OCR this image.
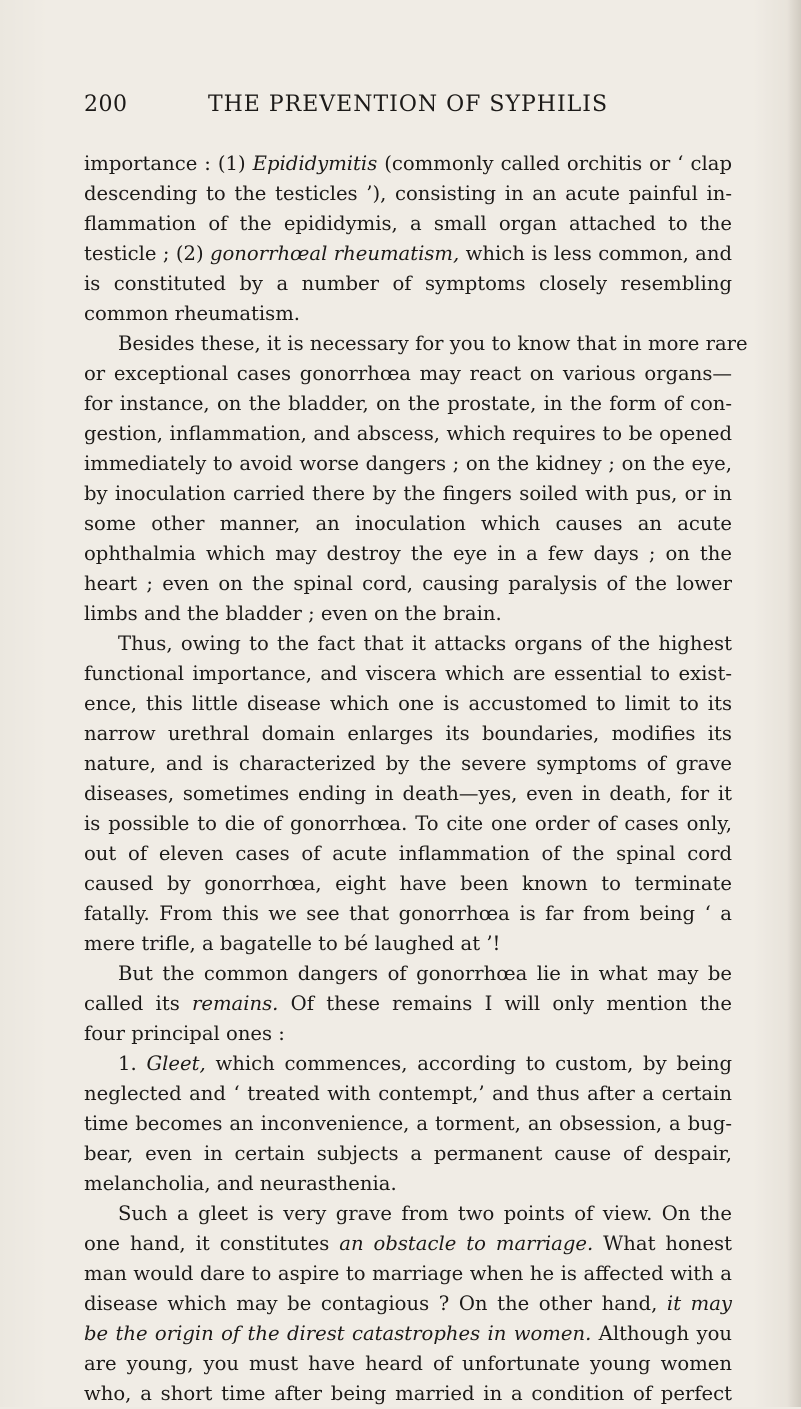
200	THE PREVENTION OF SYPHILIS
importance : (1) Epididymitis (commonly called orchitis or ‘ clap
descending to the testicles ’), consisting in an acute painful in-
flammation of the epididymis, a small organ attached to the
testicle ; (2) gonorrhœal rheumatism, which is less common, and
is constituted by a number of symptoms closely resembling
common rheumatism.
Besides these, it is necessary for you to know that in more rare
or exceptional cases gonorrhœa may react on various organs—
for instance, on the bladder, on the prostate, in the form of con-
gestion, inflammation, and abscess, which requires to be opened
immediately to avoid worse dangers ; on the kidney ; on the eye,
by inoculation carried there by the fingers soiled with pus, or in
some other manner, an inoculation which causes an acute
ophthalmia which may destroy the eye in a few days ; on the
heart ; even on the spinal cord, causing paralysis of the lower
limbs and the bladder ; even on the brain.
Thus, owing to the fact that it attacks organs of the highest
functional importance, and viscera which are essential to exist-
ence, this little disease which one is accustomed to limit to its
narrow urethral domain enlarges its boundaries, modifies its
nature, and is characterized by the severe symptoms of grave
diseases, sometimes ending in death—yes, even in death, for it
is possible to die of gonorrhœa. To cite one order of cases only,
out of eleven cases of acute inflammation of the spinal cord
caused by gonorrhœa, eight have been known to terminate
fatally. From this we see that gonorrhœa is far from being ‘ a
mere trifle, a bagatelle to bé laughed at ’!
But the common dangers of gonorrhœa lie in what may be
called its remains. Of these remains I will only mention the
four principal ones :
1. Gleet, which commences, according to custom, by being
neglected and ‘ treated with contempt,’ and thus after a certain
time becomes an inconvenience, a torment, an obsession, a bug-
bear, even in certain subjects a permanent cause of despair,
melancholia, and neurasthenia.
Such a gleet is very grave from two points of view. On the
one hand, it constitutes an obstacle to marriage. What honest
man would dare to aspire to marriage when he is affected with a
disease which may be contagious ? On the other hand, it may
be the origin of the direst catastrophes in women. Although you
are young, you must have heard of unfortunate young women
who, a short time after being married in a condition of perfect
